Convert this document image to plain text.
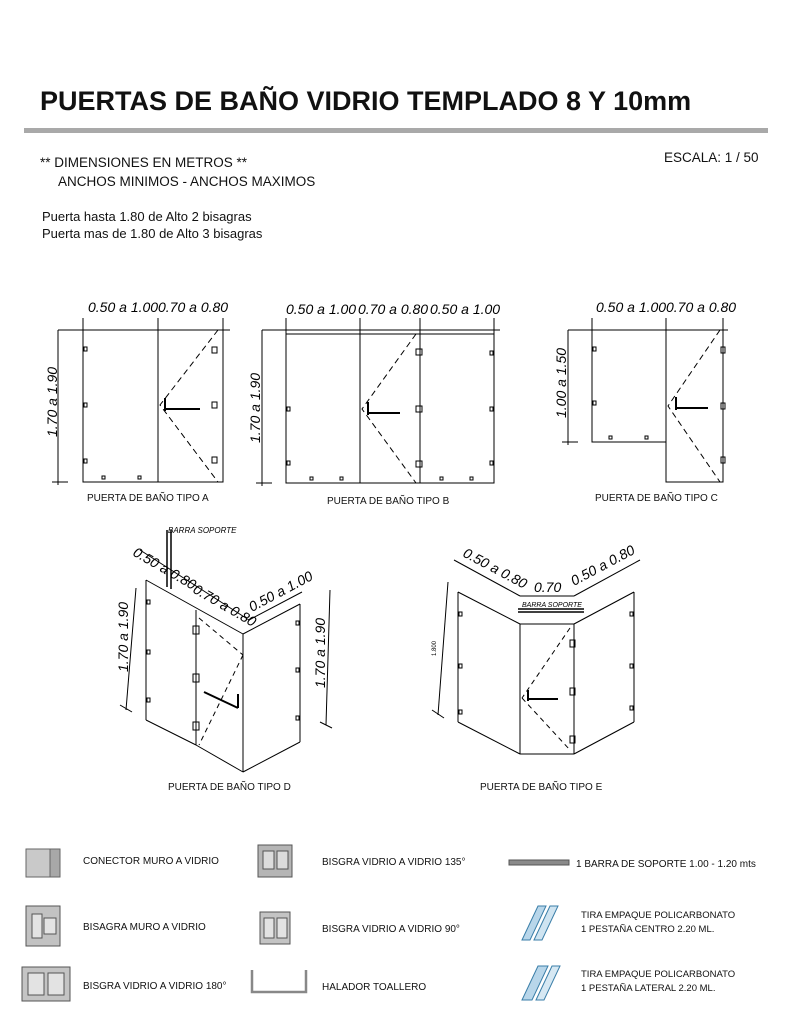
PUERTAS DE BAÑO VIDRIO TEMPLADO 8 Y 10mm
** DIMENSIONES EN METROS **
ANCHOS MINIMOS - ANCHOS MAXIMOS
ESCALA: 1 / 50
Puerta hasta 1.80 de Alto 2 bisagras
Puerta mas de 1.80 de Alto 3 bisagras
0.50 a 1.00 0.70 a 0.80
1.70 a 1.90
0.50 a 1.00 0.70 a 0.80 0.50 a 1.00
1.70 a 1.90
0.50 a 1.00 0.70 a 0.80
1.00 a 1.50
BARRA SOPORTE
0.50 a 0.80
0.70 a 0.80
0.50 a 1.00
1.70 a 1.90	1.70 a 1.90
0.50 a 0.80 0.70 0.50 a 0.80
BARRA SOPORTE
1.800
PUERTA DE BAÑO TIPO A	PUERTA DE BAÑO TIPO B	PUERTA DE BAÑO TIPO C
PUERTA DE BAÑO TIPO D	PUERTA DE BAÑO TIPO E
CONECTOR MURO A VIDRIO	BISGRA VIDRIO A VIDRIO 135°	1 BARRA DE SOPORTE 1.00 - 1.20 mts
BISAGRA MURO A VIDRIO	BISGRA VIDRIO A VIDRIO 90°
TIRA EMPAQUE POLICARBONATO
1 PESTAÑA CENTRO 2.20 ML.
BISGRA VIDRIO A VIDRIO 180°	HALADOR TOALLERO
TIRA EMPAQUE POLICARBONATO
1 PESTAÑA LATERAL 2.20 ML.
